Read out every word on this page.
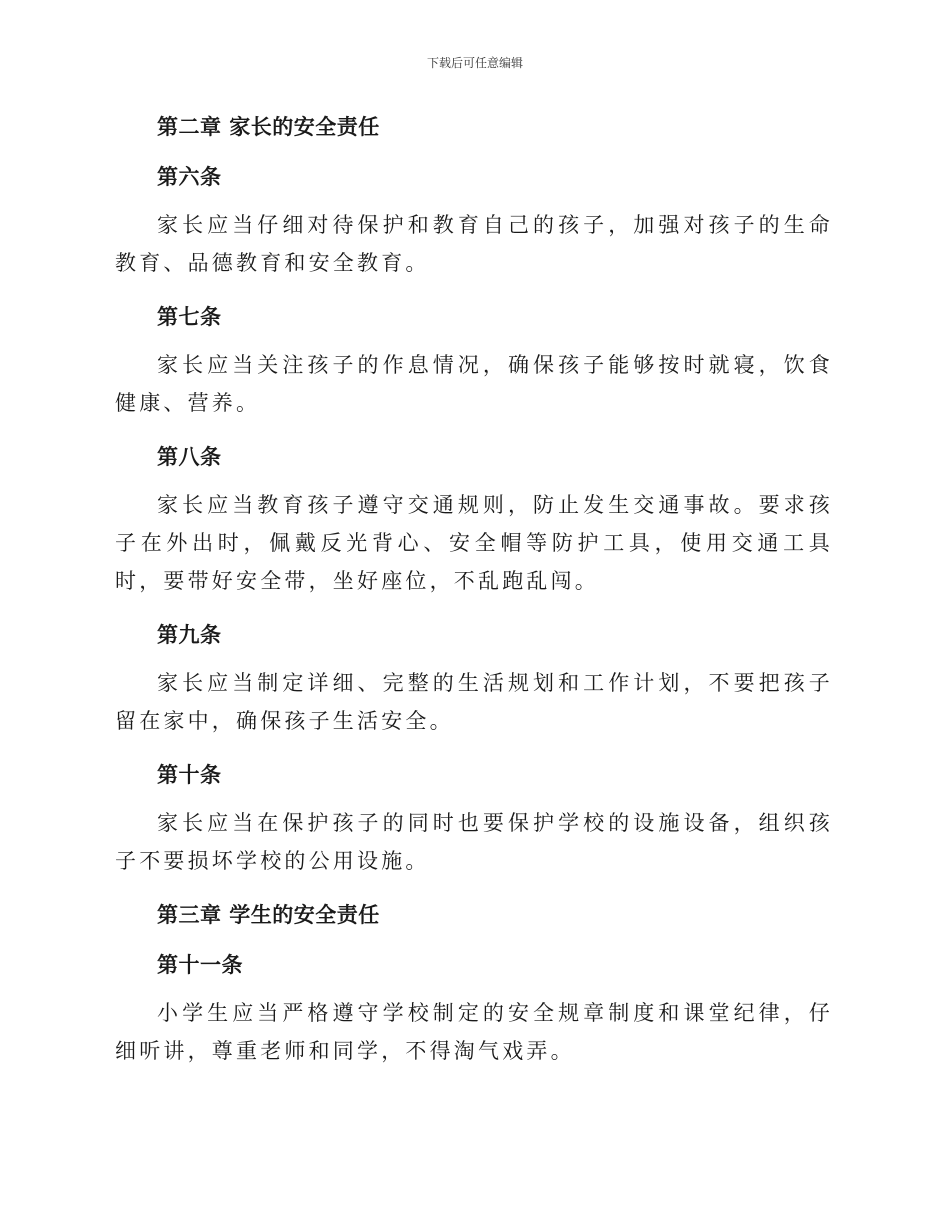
下载后可任意编辑
第二章 家长的安全责任
第六条

家长应当仔细对待保护和教育自己的孩子，加强对孩子的生命教育、品德教育和安全教育。

第七条

家长应当关注孩子的作息情况，确保孩子能够按时就寝，饮食健康、营养。

第八条

家长应当教育孩子遵守交通规则，防止发生交通事故。要求孩子在外出时，佩戴反光背心、安全帽等防护工具，使用交通工具时，要带好安全带，坐好座位，不乱跑乱闯。

第九条

家长应当制定详细、完整的生活规划和工作计划，不要把孩子留在家中，确保孩子生活安全。

第十条

家长应当在保护孩子的同时也要保护学校的设施设备，组织孩子不要损坏学校的公用设施。

第三章 学生的安全责任
第十一条

小学生应当严格遵守学校制定的安全规章制度和课堂纪律，仔细听讲，尊重老师和同学，不得淘气戏弄。
